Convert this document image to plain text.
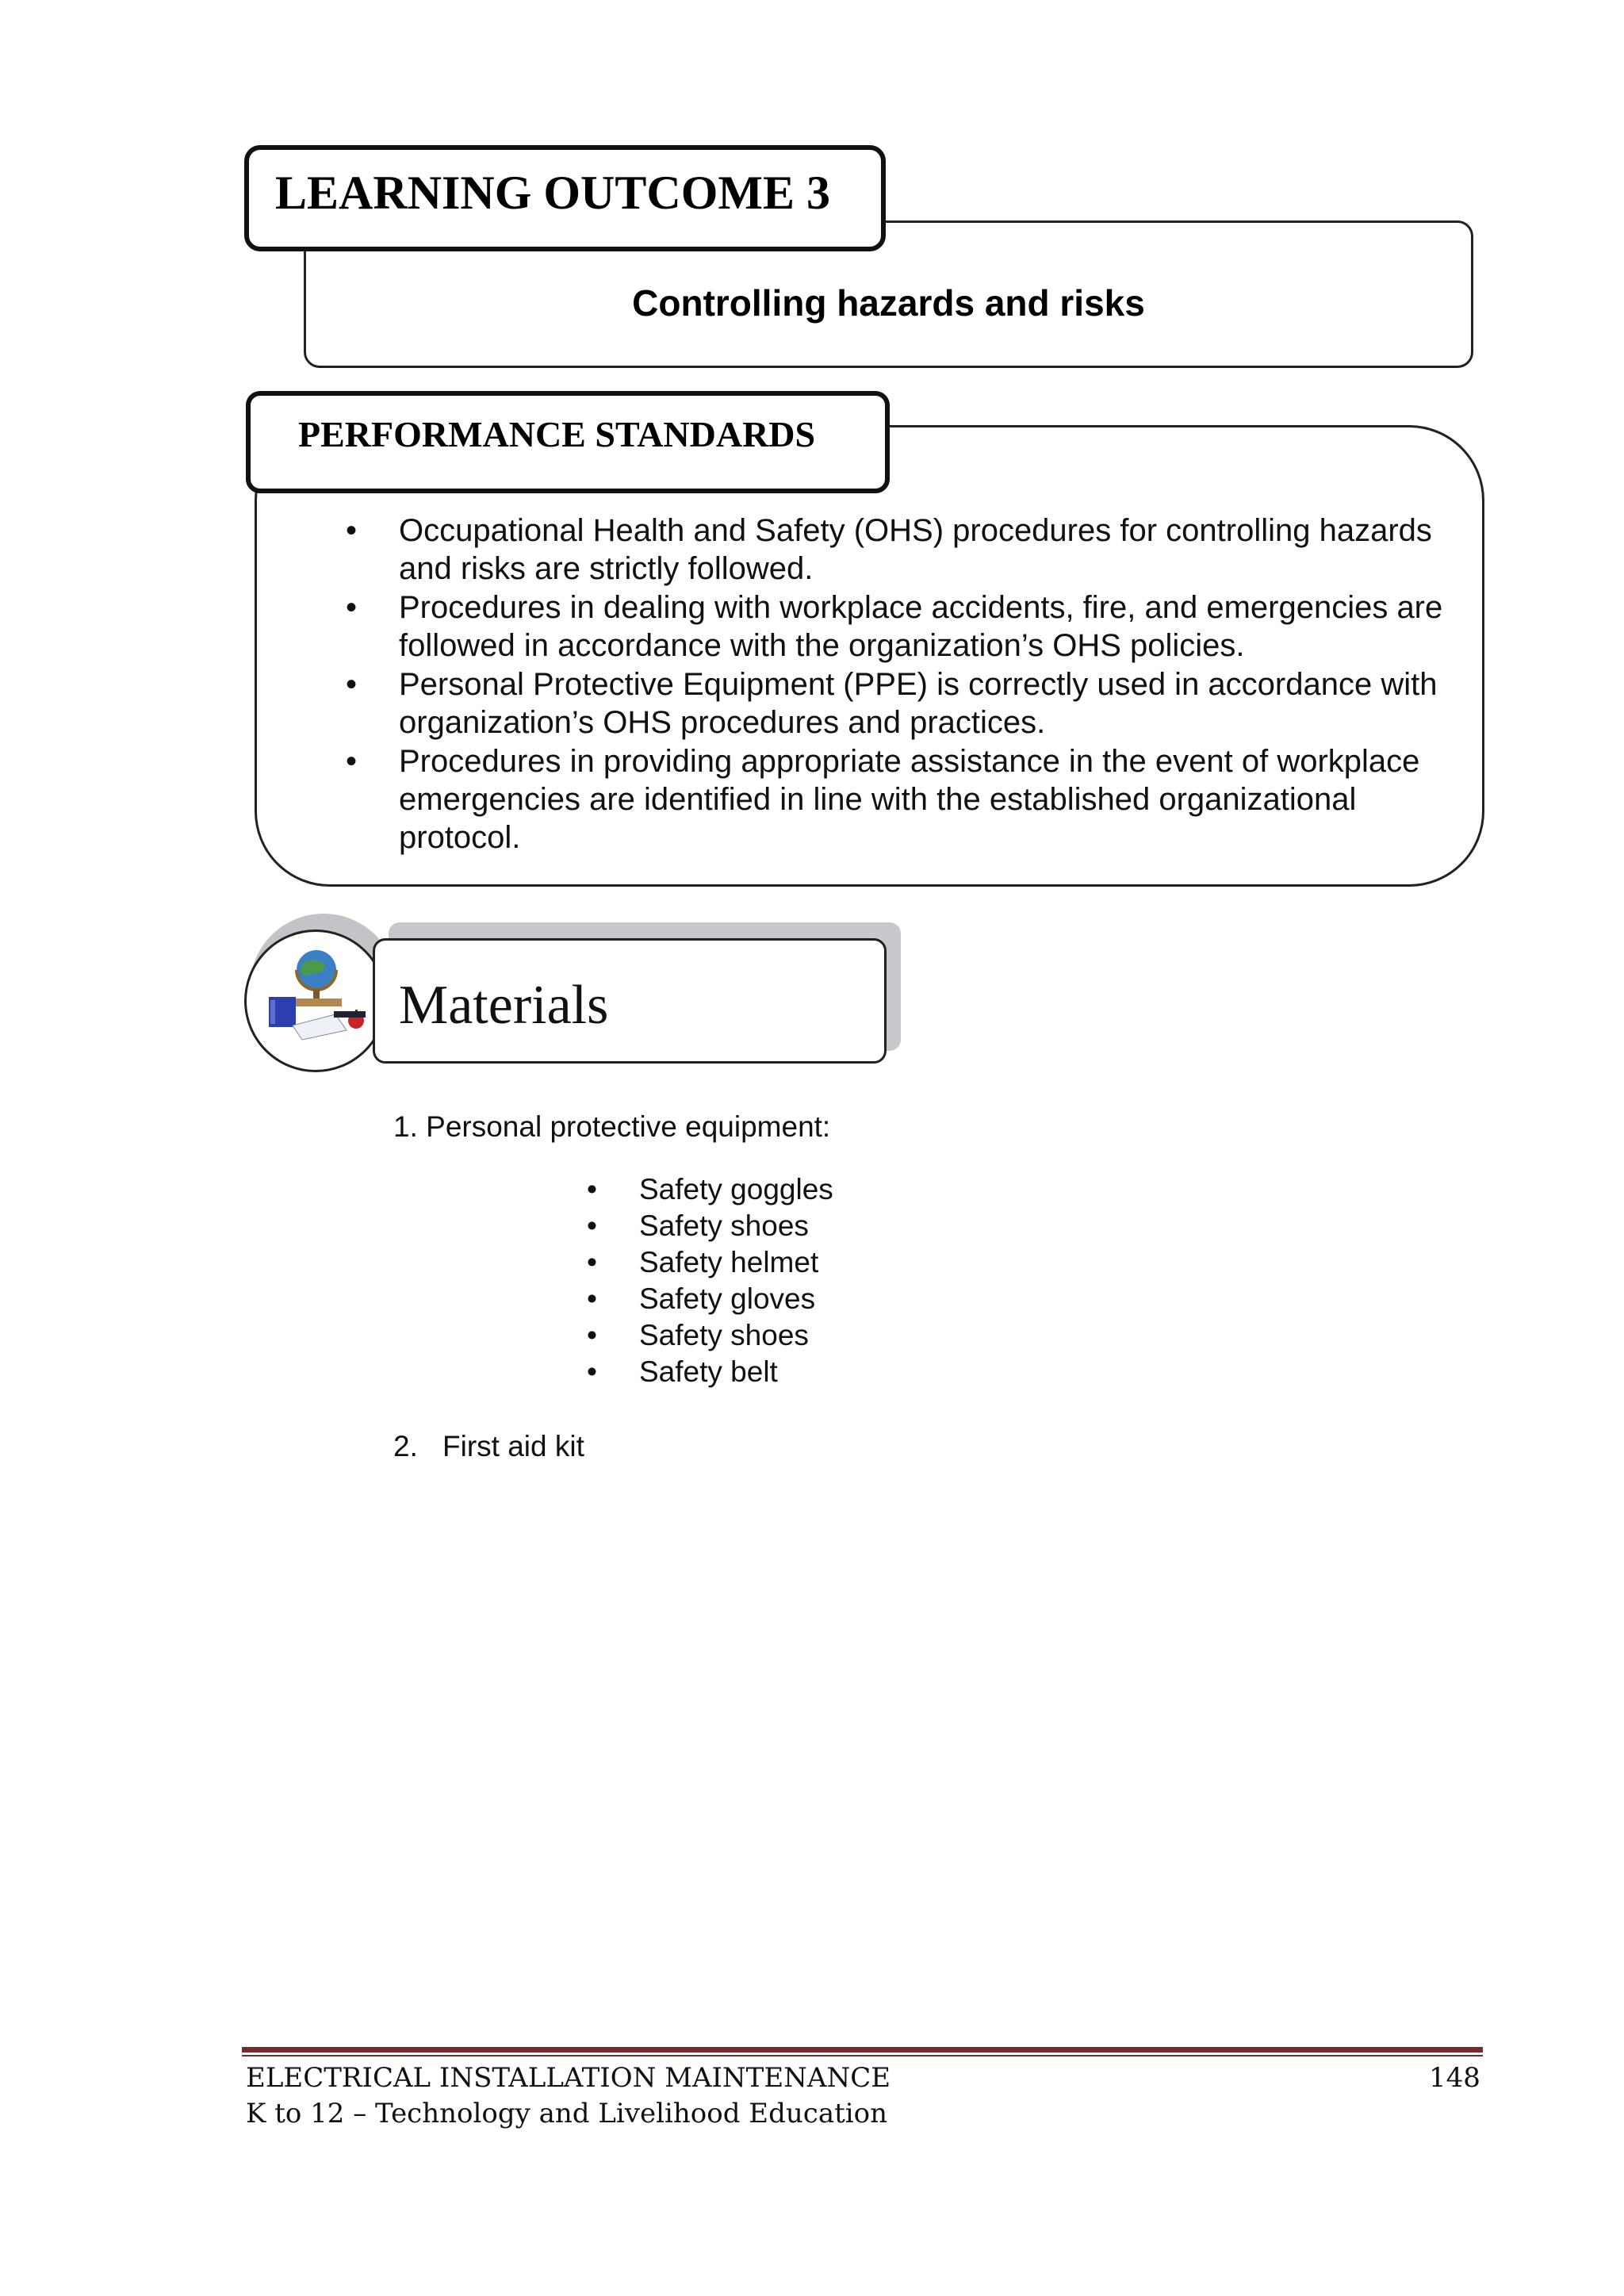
Controlling hazards and risks
LEARNING OUTCOME 3
• Occupational Health and Safety (OHS) procedures for controlling hazards and risks are strictly followed.
• Procedures in dealing with workplace accidents, fire, and emergencies are followed in accordance with the organization’s OHS policies.
• Personal Protective Equipment (PPE) is correctly used in accordance with organization’s OHS procedures and practices.
• Procedures in providing appropriate assistance in the event of workplace emergencies are identified in line with the established organizational protocol.
PERFORMANCE STANDARDS
Materials
1. Personal protective equipment:
• Safety goggles
• Safety shoes
• Safety helmet
• Safety gloves
• Safety shoes
• Safety belt
2. First aid kit
ELECTRICAL INSTALLATION MAINTENANCE
K to 12 – Technology and Livelihood Education
148
